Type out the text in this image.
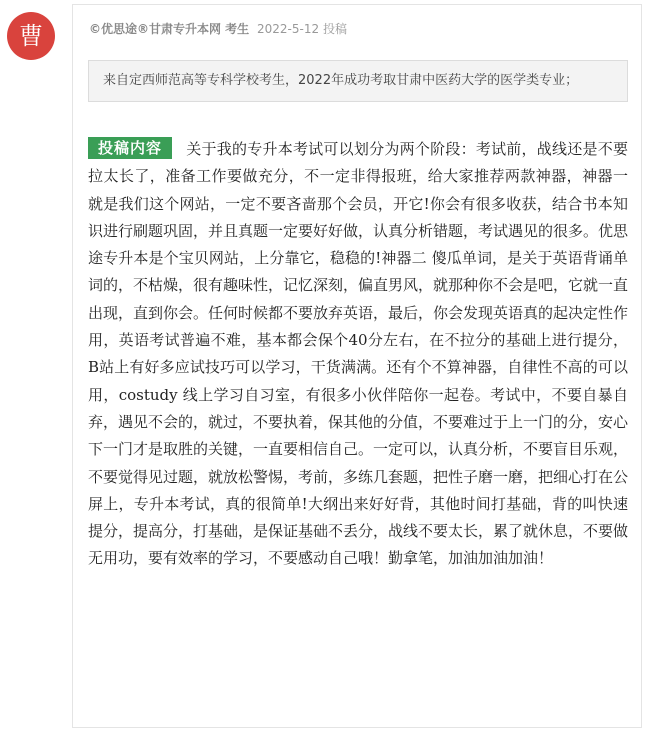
曹	©优思途®甘肃专升本网 考生 2022-5-12 投稿
来自定西师范高等专科学校考生，2022年成功考取甘肃中医药大学的医学类专业；
投稿内容 关于我的专升本考试可以划分为两个阶段：考试前，战线还是不要拉太长了，准备工作要做充分，不一定非得报班，给大家推荐两款神器，神器一 就是我们这个网站，一定不要吝啬那个会员，开它!你会有很多收获，结合书本知识进行刷题巩固，并且真题一定要好好做，认真分析错题，考试遇见的很多。优思途专升本是个宝贝网站，上分靠它，稳稳的!神器二 傻瓜单词，是关于英语背诵单词的，不枯燥，很有趣味性，记忆深刻，偏直男风，就那种你不会是吧，它就一直出现，直到你会。任何时候都不要放弃英语，最后，你会发现英语真的起决定性作用，英语考试普遍不难，基本都会保个40分左右，在不拉分的基础上进行提分，B站上有好多应试技巧可以学习，干货满满。还有个不算神器，自律性不高的可以用，costudy 线上学习自习室，有很多小伙伴陪你一起卷。考试中，不要自暴自弃，遇见不会的，就过，不要执着，保其他的分值，不要难过于上一门的分，安心下一门才是取胜的关键，一直要相信自己。一定可以，认真分析，不要盲目乐观，不要觉得见过题，就放松警惕，考前，多练几套题，把性子磨一磨，把细心打在公屏上，专升本考试，真的很简单!大纲出来好好背，其他时间打基础，背的叫快速提分，提高分，打基础，是保证基础不丢分，战线不要太长，累了就休息，不要做无用功，要有效率的学习，不要感动自己哦！勤拿笔，加油加油加油！
